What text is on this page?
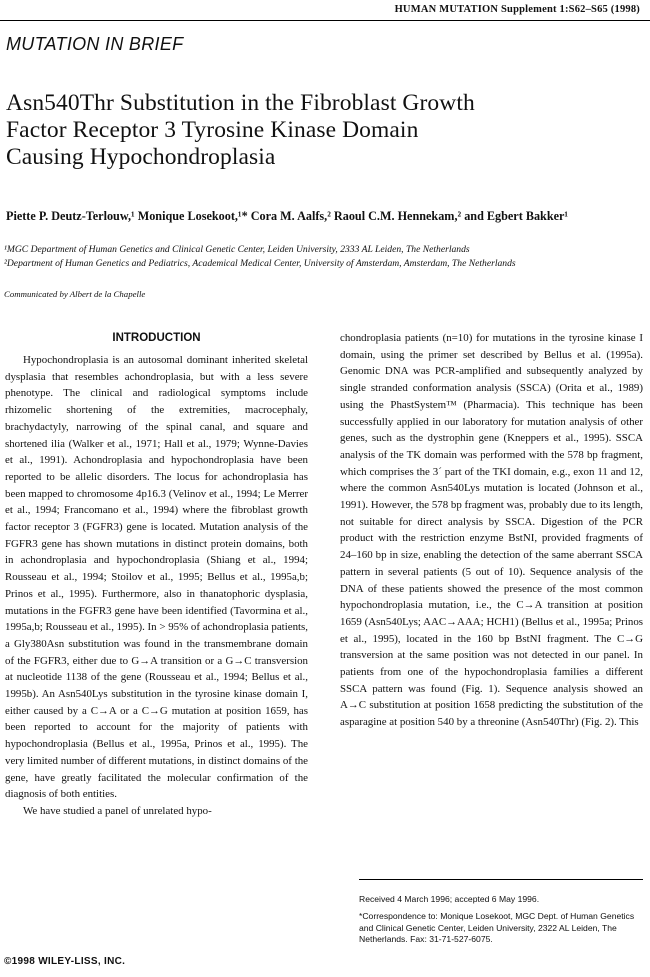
HUMAN MUTATION Supplement 1:S62–S65 (1998)
MUTATION IN BRIEF
Asn540Thr Substitution in the Fibroblast Growth
Factor Receptor 3 Tyrosine Kinase Domain
Causing Hypochondroplasia
Piette P. Deutz-Terlouw,¹ Monique Losekoot,¹* Cora M. Aalfs,² Raoul C.M. Hennekam,² and Egbert Bakker¹
¹MGC Department of Human Genetics and Clinical Genetic Center, Leiden University, 2333 AL Leiden, The Netherlands
²Department of Human Genetics and Pediatrics, Academical Medical Center, University of Amsterdam, Amsterdam, The Netherlands
Communicated by Albert de la Chapelle
INTRODUCTION

Hypochondroplasia is an autosomal dominant inherited skeletal dysplasia that resembles achondroplasia, but with a less severe phenotype. The clinical and radiological symptoms include rhizomelic shortening of the extremities, macrocephaly, brachydactyly, narrowing of the spinal canal, and square and shortened ilia (Walker et al., 1971; Hall et al., 1979; Wynne-Davies et al., 1991). Achondroplasia and hypochondroplasia have been reported to be allelic disorders. The locus for achondroplasia has been mapped to chromosome 4p16.3 (Velinov et al., 1994; Le Merrer et al., 1994; Francomano et al., 1994) where the fibroblast growth factor receptor 3 (FGFR3) gene is located. Mutation analysis of the FGFR3 gene has shown mutations in distinct protein domains, both in achondroplasia and hypochondroplasia (Shiang et al., 1994; Rousseau et al., 1994; Stoilov et al., 1995; Bellus et al., 1995a,b; Prinos et al., 1995). Furthermore, also in thanatophoric dysplasia, mutations in the FGFR3 gene have been identified (Tavormina et al., 1995a,b; Rousseau et al., 1995). In > 95% of achondroplasia patients, a Gly380Asn substitution was found in the transmembrane domain of the FGFR3, either due to G→A transition or a G→C transversion at nucleotide 1138 of the gene (Rousseau et al., 1994; Bellus et al., 1995b). An Asn540Lys substitution in the tyrosine kinase domain I, either caused by a C→A or a C→G mutation at position 1659, has been reported to account for the majority of patients with hypochondroplasia (Bellus et al., 1995a, Prinos et al., 1995). The very limited number of different mutations, in distinct domains of the gene, have greatly facilitated the molecular confirmation of the diagnosis of both entities.

We have studied a panel of unrelated hypo-

chondroplasia patients (n=10) for mutations in the tyrosine kinase I domain, using the primer set described by Bellus et al. (1995a). Genomic DNA was PCR-amplified and subsequently analyzed by single stranded conformation analysis (SSCA) (Orita et al., 1989) using the PhastSystem™ (Pharmacia). This technique has been successfully applied in our laboratory for mutation analysis of other genes, such as the dystrophin gene (Kneppers et al., 1995). SSCA analysis of the TK domain was performed with the 578 bp fragment, which comprises the 3´ part of the TKI domain, e.g., exon 11 and 12, where the common Asn540Lys mutation is located (Johnson et al., 1991). However, the 578 bp fragment was, probably due to its length, not suitable for direct analysis by SSCA. Digestion of the PCR product with the restriction enzyme BstNI, provided fragments of 24–160 bp in size, enabling the detection of the same aberrant SSCA pattern in several patients (5 out of 10). Sequence analysis of the DNA of these patients showed the presence of the most common hypochondroplasia mutation, i.e., the C→A transition at position 1659 (Asn540Lys; AAC→AAA; HCH1) (Bellus et al., 1995a; Prinos et al., 1995), located in the 160 bp BstNI fragment. The C→G transversion at the same position was not detected in our panel. In patients from one of the hypochondroplasia families a different SSCA pattern was found (Fig. 1). Sequence analysis showed an A→C substitution at position 1658 predicting the substitution of the asparagine at position 540 by a threonine (Asn540Thr) (Fig. 2). This

Received 4 March 1996; accepted 6 May 1996.
*Correspondence to: Monique Losekoot, MGC Dept. of Human Genetics and Clinical Genetic Center, Leiden University, 2322 AL Leiden, The Netherlands. Fax: 31-71-527-6075.
©1998 WILEY-LISS, INC.
